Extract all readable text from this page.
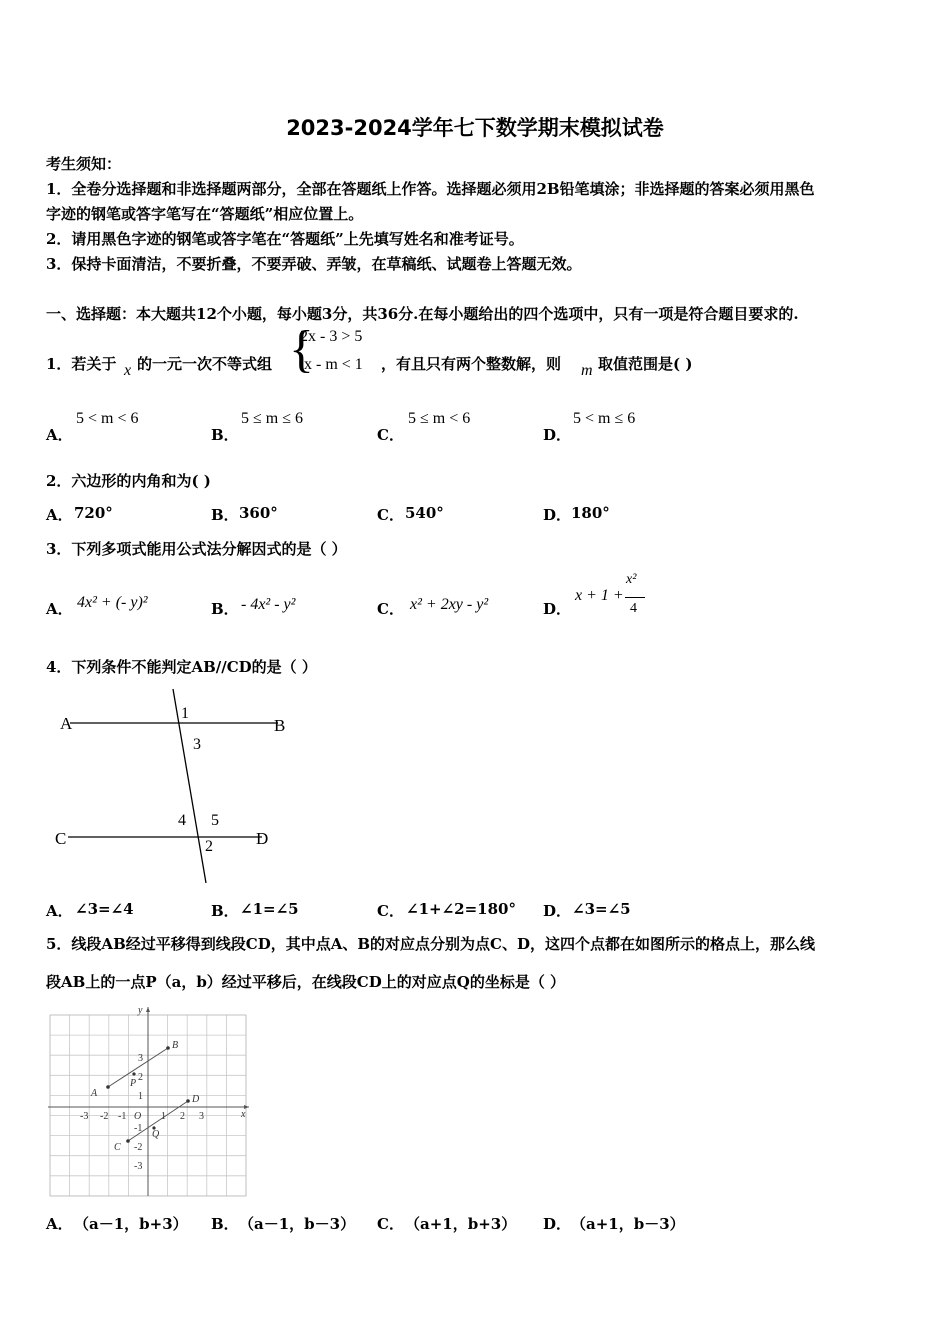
2023-2024学年七下数学期末模拟试卷
考生须知：
1．全卷分选择题和非选择题两部分，全部在答题纸上作答。选择题必须用2B铅笔填涂；非选择题的答案必须用黑色
字迹的钢笔或答字笔写在“答题纸”相应位置上。
2．请用黑色字迹的钢笔或答字笔在“答题纸”上先填写姓名和准考证号。
3．保持卡面清洁，不要折叠，不要弄破、弄皱，在草稿纸、试题卷上答题无效。
一、选择题：本大题共12个小题，每小题3分，共36分.在每小题给出的四个选项中，只有一项是符合题目要求的.
1．若关于 x 的一元一次不等式组 {
2x - 3 > 5
x - m < 1 ，有且只有两个整数解，则 m 取值范围是( )
A．
5 < m < 6
B．
5 ≤ m ≤ 6
C．
5 ≤ m < 6
D．
5 < m ≤ 6
2．六边形的内角和为( )
A． 720°	B． 360°	C． 540°	D． 180°
3．下列多项式能用公式法分解因式的是（ ）
A． 4x² + (- y)²	B． - 4x² - y²	C． x² + 2xy - y²	D．
x + 1 +
x²
4
4．下列条件不能判定AB//CD的是（ ）
A	B
C	D
1
3
4 5
2
A． ∠3=∠4	B． ∠1=∠5	C． ∠1+∠2=180° D． ∠3=∠5
5．线段AB经过平移得到线段CD，其中点A、B的对应点分别为点C、D，这四个点都在如图所示的格点上，那么线
段AB上的一点P（a，b）经过平移后，在线段CD上的对应点Q的坐标是（ ）
x
y
O
A
B
C
D
P
Q
-3 -2 -1	1 2 3
3
2
1
-1
-2
-3
A． （a－1，b+3） B． （a－1，b－3） C． （a+1，b+3） D． （a+1，b－3）
